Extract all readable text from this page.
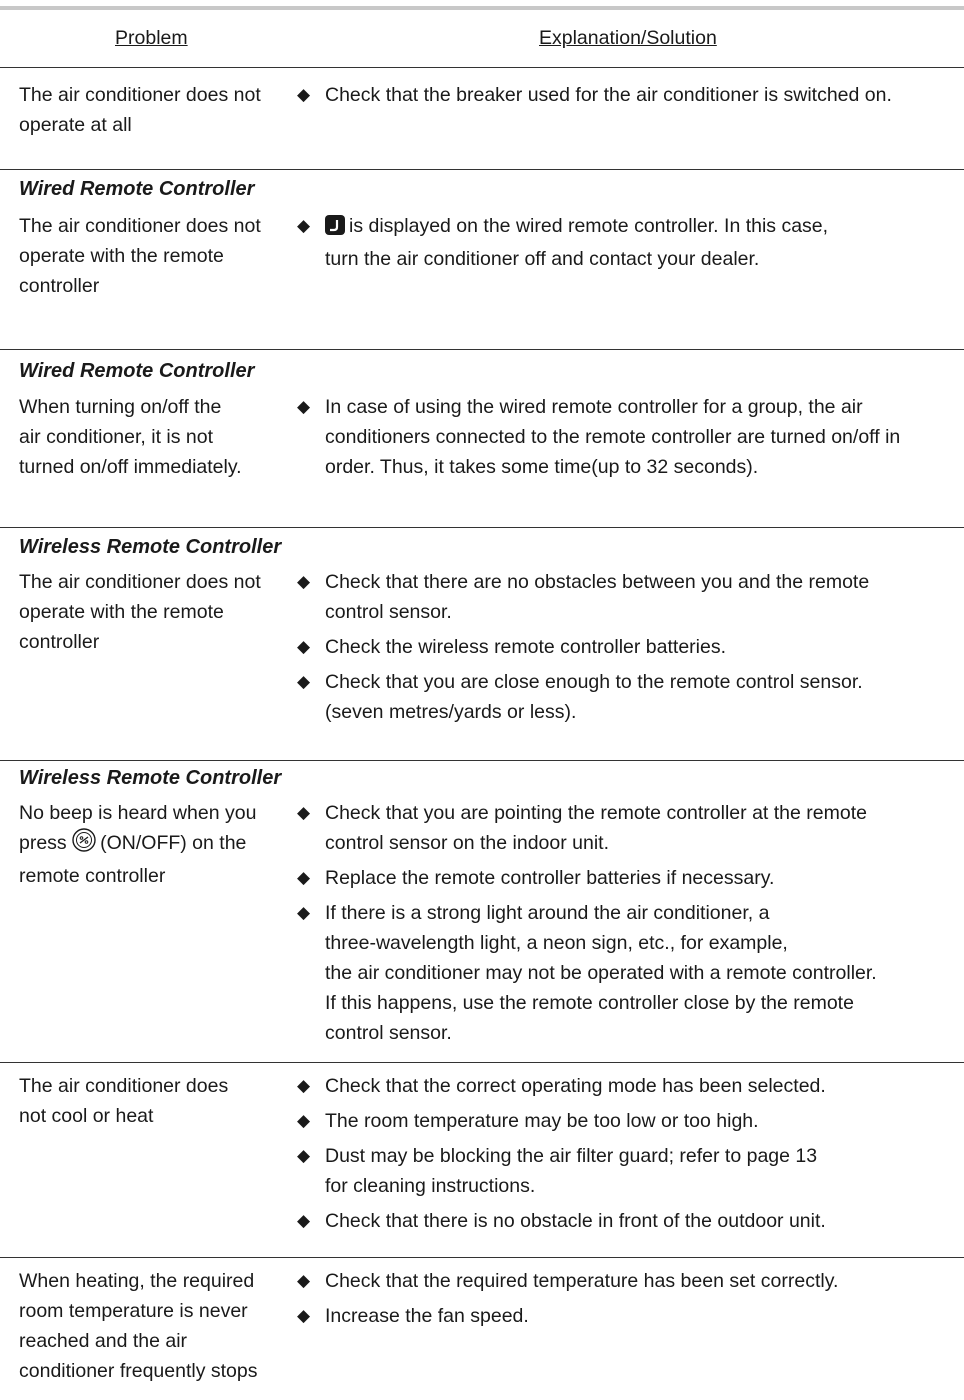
Problem	Explanation/Solution
The air conditioner does not
operate at all
◆ Check that the breaker used for the air conditioner is switched on.
Wired Remote Controller
The air conditioner does not
operate with the remote
controller
◆	is displayed on the wired remote controller. In this case,
turn the air conditioner off and contact your dealer.
Wired Remote Controller
When turning on/off the
air conditioner, it is not
turned on/off immediately.
◆ In case of using the wired remote controller for a group, the air
conditioners connected to the remote controller are turned on/off in
order. Thus, it takes some time(up to 32 seconds).
Wireless Remote Controller
The air conditioner does not
operate with the remote
controller
◆ Check that there are no obstacles between you and the remote
control sensor.
◆ Check the wireless remote controller batteries.
◆ Check that you are close enough to the remote control sensor.
(seven metres/yards or less).
Wireless Remote Controller
No beep is heard when you
press (ON/OFF) on the
remote controller
◆ Check that you are pointing the remote controller at the remote
control sensor on the indoor unit.
◆ Replace the remote controller batteries if necessary.
◆ If there is a strong light around the air conditioner, a
three-wavelength light, a neon sign, etc., for example,
the air conditioner may not be operated with a remote controller.
If this happens, use the remote controller close by the remote
control sensor.
The air conditioner does
not cool or heat
◆ Check that the correct operating mode has been selected.
◆ The room temperature may be too low or too high.
◆ Dust may be blocking the air filter guard; refer to page 13
for cleaning instructions.
◆ Check that there is no obstacle in front of the outdoor unit.
When heating, the required
room temperature is never
reached and the air
conditioner frequently stops
◆ Check that the required temperature has been set correctly.
◆ Increase the fan speed.
